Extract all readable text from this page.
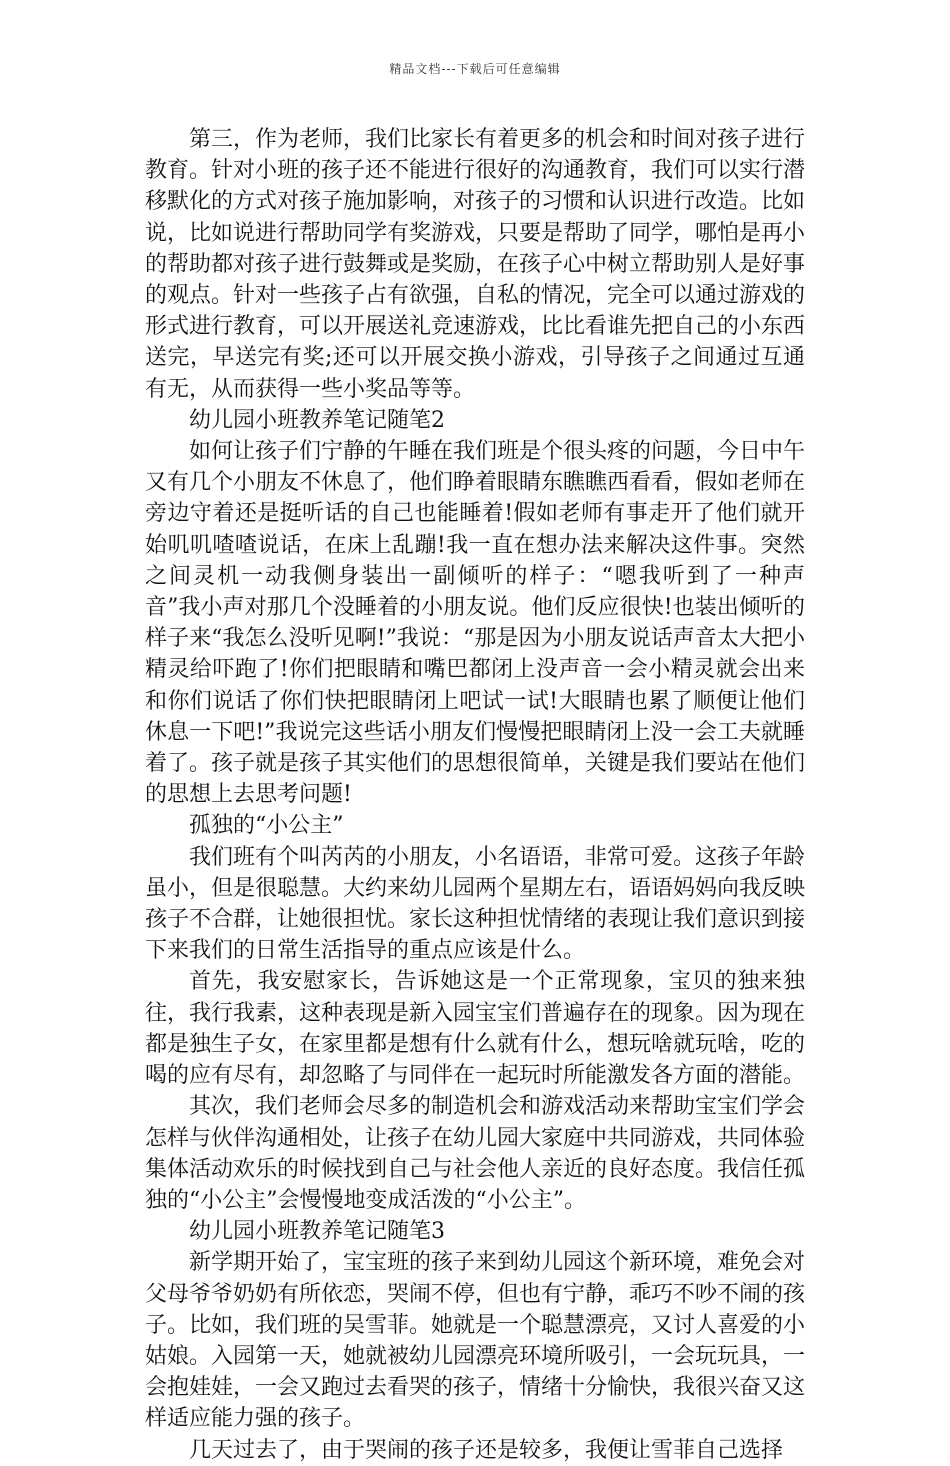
精品文档---下载后可任意编辑

第三，作为老师，我们比家长有着更多的机会和时间对孩子进行教育。针对小班的孩子还不能进行很好的沟通教育，我们可以实行潜移默化的方式对孩子施加影响，对孩子的习惯和认识进行改造。比如说，比如说进行帮助同学有奖游戏，只要是帮助了同学，哪怕是再小的帮助都对孩子进行鼓舞或是奖励，在孩子心中树立帮助别人是好事的观点。针对一些孩子占有欲强，自私的情况，完全可以通过游戏的形式进行教育，可以开展送礼竞速游戏，比比看谁先把自己的小东西送完，早送完有奖;还可以开展交换小游戏，引导孩子之间通过互通有无，从而获得一些小奖品等等。

幼儿园小班教养笔记随笔2

如何让孩子们宁静的午睡在我们班是个很头疼的问题，今日中午又有几个小朋友不休息了，他们睁着眼睛东瞧瞧西看看，假如老师在旁边守着还是挺听话的自己也能睡着!假如老师有事走开了他们就开始叽叽喳喳说话，在床上乱蹦!我一直在想办法来解决这件事。突然之间灵机一动我侧身装出一副倾听的样子：“嗯我听到了一种声音”我小声对那几个没睡着的小朋友说。他们反应很快!也装出倾听的样子来“我怎么没听见啊!”我说：“那是因为小朋友说话声音太大把小精灵给吓跑了!你们把眼睛和嘴巴都闭上没声音一会小精灵就会出来和你们说话了你们快把眼睛闭上吧试一试!大眼睛也累了顺便让他们休息一下吧!”我说完这些话小朋友们慢慢把眼睛闭上没一会工夫就睡着了。孩子就是孩子其实他们的思想很简单，关键是我们要站在他们的思想上去思考问题!

孤独的“小公主”

我们班有个叫芮芮的小朋友，小名语语，非常可爱。这孩子年龄虽小，但是很聪慧。大约来幼儿园两个星期左右，语语妈妈向我反映孩子不合群，让她很担忧。家长这种担忧情绪的表现让我们意识到接下来我们的日常生活指导的重点应该是什么。

首先，我安慰家长，告诉她这是一个正常现象，宝贝的独来独往，我行我素，这种表现是新入园宝宝们普遍存在的现象。因为现在都是独生子女，在家里都是想有什么就有什么，想玩啥就玩啥，吃的喝的应有尽有，却忽略了与同伴在一起玩时所能激发各方面的潜能。

其次，我们老师会尽多的制造机会和游戏活动来帮助宝宝们学会怎样与伙伴沟通相处，让孩子在幼儿园大家庭中共同游戏，共同体验集体活动欢乐的时候找到自己与社会他人亲近的良好态度。我信任孤独的“小公主”会慢慢地变成活泼的“小公主”。

幼儿园小班教养笔记随笔3

新学期开始了，宝宝班的孩子来到幼儿园这个新环境，难免会对父母爷爷奶奶有所依恋，哭闹不停，但也有宁静，乖巧不吵不闹的孩子。比如，我们班的吴雪菲。她就是一个聪慧漂亮，又讨人喜爱的小姑娘。入园第一天，她就被幼儿园漂亮环境所吸引，一会玩玩具，一会抱娃娃，一会又跑过去看哭的孩子，情绪十分愉快，我很兴奋又这样适应能力强的孩子。

几天过去了，由于哭闹的孩子还是较多，我便让雪菲自己选择
